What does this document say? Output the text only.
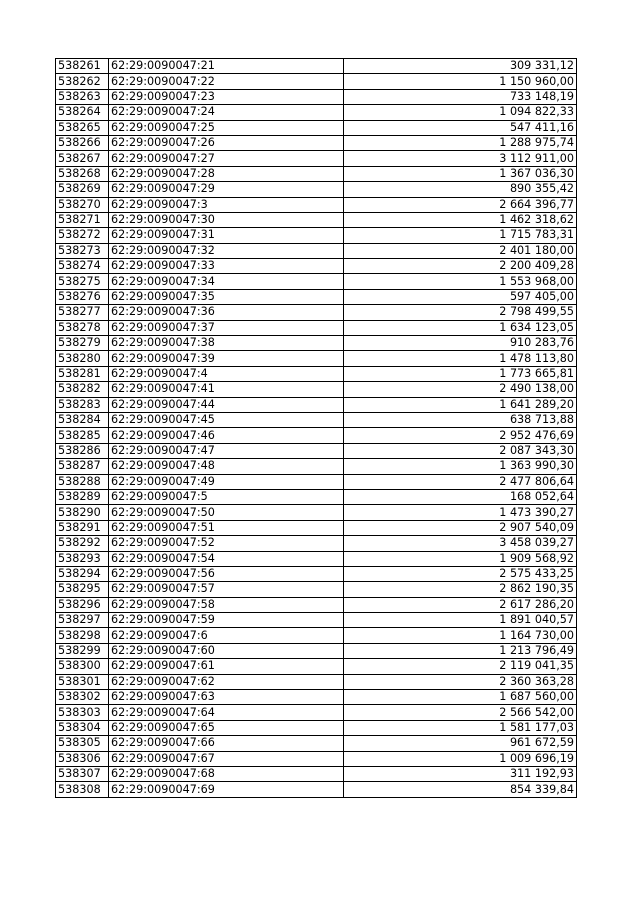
538261	62:29:0090047:21	309 331,12
538262	62:29:0090047:22	1 150 960,00
538263	62:29:0090047:23	733 148,19
538264	62:29:0090047:24	1 094 822,33
538265	62:29:0090047:25	547 411,16
538266	62:29:0090047:26	1 288 975,74
538267	62:29:0090047:27	3 112 911,00
538268	62:29:0090047:28	1 367 036,30
538269	62:29:0090047:29	890 355,42
538270	62:29:0090047:3	2 664 396,77
538271	62:29:0090047:30	1 462 318,62
538272	62:29:0090047:31	1 715 783,31
538273	62:29:0090047:32	2 401 180,00
538274	62:29:0090047:33	2 200 409,28
538275	62:29:0090047:34	1 553 968,00
538276	62:29:0090047:35	597 405,00
538277	62:29:0090047:36	2 798 499,55
538278	62:29:0090047:37	1 634 123,05
538279	62:29:0090047:38	910 283,76
538280	62:29:0090047:39	1 478 113,80
538281	62:29:0090047:4	1 773 665,81
538282	62:29:0090047:41	2 490 138,00
538283	62:29:0090047:44	1 641 289,20
538284	62:29:0090047:45	638 713,88
538285	62:29:0090047:46	2 952 476,69
538286	62:29:0090047:47	2 087 343,30
538287	62:29:0090047:48	1 363 990,30
538288	62:29:0090047:49	2 477 806,64
538289	62:29:0090047:5	168 052,64
538290	62:29:0090047:50	1 473 390,27
538291	62:29:0090047:51	2 907 540,09
538292	62:29:0090047:52	3 458 039,27
538293	62:29:0090047:54	1 909 568,92
538294	62:29:0090047:56	2 575 433,25
538295	62:29:0090047:57	2 862 190,35
538296	62:29:0090047:58	2 617 286,20
538297	62:29:0090047:59	1 891 040,57
538298	62:29:0090047:6	1 164 730,00
538299	62:29:0090047:60	1 213 796,49
538300	62:29:0090047:61	2 119 041,35
538301	62:29:0090047:62	2 360 363,28
538302	62:29:0090047:63	1 687 560,00
538303	62:29:0090047:64	2 566 542,00
538304	62:29:0090047:65	1 581 177,03
538305	62:29:0090047:66	961 672,59
538306	62:29:0090047:67	1 009 696,19
538307	62:29:0090047:68	311 192,93
538308	62:29:0090047:69	854 339,84
